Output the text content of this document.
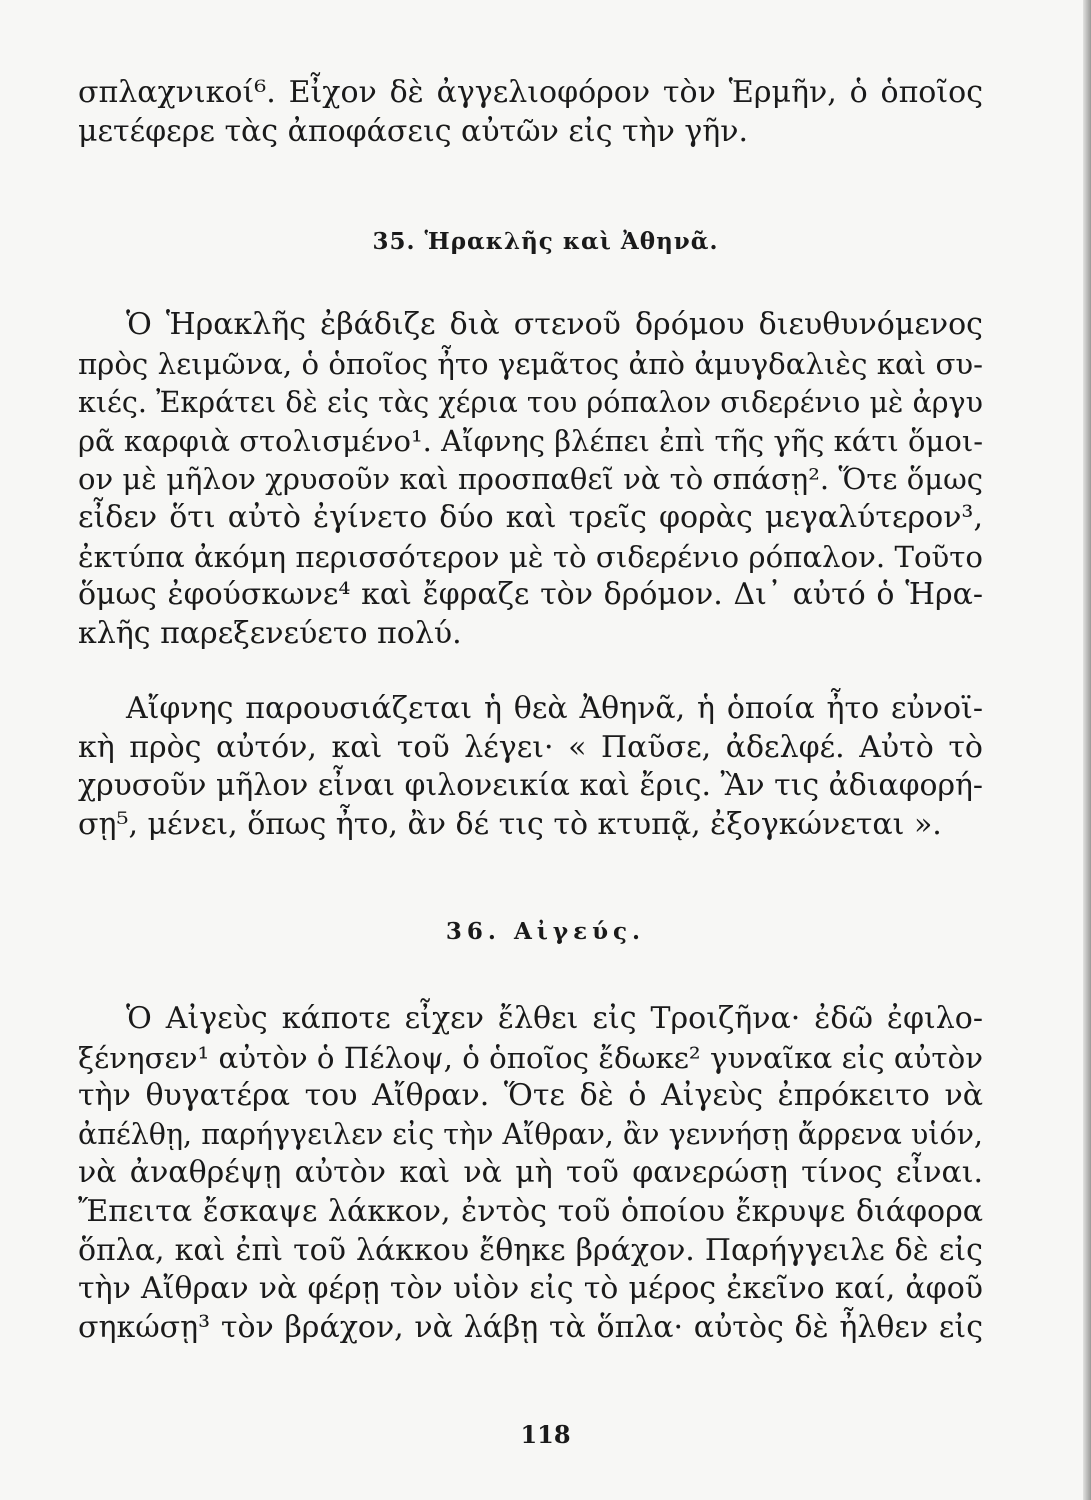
σπλαχνικοί⁶. Εἶχον δὲ ἀγγελιοφόρον τὸν Ἑρμῆν, ὁ ὁποῖος
μετέφερε τὰς ἀποφάσεις αὐτῶν εἰς τὴν γῆν.
35. Ἡρακλῆς καὶ Ἀθηνᾶ.
Ὁ Ἡρακλῆς ἐβάδιζε διὰ στενοῦ δρόμου διευθυνόμενος
πρὸς λειμῶνα, ὁ ὁποῖος ἦτο γεμᾶτος ἀπὸ ἀμυγδαλιὲς καὶ συ-
κιές. Ἐκράτει δὲ εἰς τὰς χέρια του ρόπαλον σιδερένιο μὲ ἀργυ
ρᾶ καρφιὰ στολισμένο¹. Αἴφνης βλέπει ἐπὶ τῆς γῆς κάτι ὅμοι-
ον μὲ μῆλον χρυσοῦν καὶ προσπαθεῖ νὰ τὸ σπάσῃ². Ὅτε ὅμως
εἶδεν ὅτι αὐτὸ ἐγίνετο δύο καὶ τρεῖς φορὰς μεγαλύτερον³,
ἐκτύπα ἀκόμη περισσότερον μὲ τὸ σιδερένιο ρόπαλον. Τοῦτο
ὅμως ἐφούσκωνε⁴ καὶ ἔφραζε τὸν δρόμον. Δι᾽ αὐτό ὁ Ἡρα-
κλῆς παρεξενεύετο πολύ.
Αἴφνης παρουσιάζεται ἡ θεὰ Ἀθηνᾶ, ἡ ὁποία ἦτο εὐνοϊ-
κὴ πρὸς αὐτόν, καὶ τοῦ λέγει· « Παῦσε, ἀδελφέ. Αὐτὸ τὸ
χρυσοῦν μῆλον εἶναι φιλονεικία καὶ ἔρις. Ἂν τις ἀδιαφορή-
σῃ⁵, μένει, ὅπως ἦτο, ἂν δέ τις τὸ κτυπᾷ, ἐξογκώνεται ».
36. Αἰγεύς.
Ὁ Αἰγεὺς κάποτε εἶχεν ἔλθει εἰς Τροιζῆνα· ἐδῶ ἐφιλο-
ξένησεν¹ αὐτὸν ὁ Πέλοψ, ὁ ὁποῖος ἔδωκε² γυναῖκα εἰς αὐτὸν
τὴν θυγατέρα του Αἴθραν. Ὅτε δὲ ὁ Αἰγεὺς ἐπρόκειτο νὰ
ἀπέλθῃ, παρήγγειλεν εἰς τὴν Αἴθραν, ἂν γεννήσῃ ἄρρενα υἱόν,
νὰ ἀναθρέψῃ αὐτὸν καὶ νὰ μὴ τοῦ φανερώσῃ τίνος εἶναι.
Ἔπειτα ἔσκαψε λάκκον, ἐντὸς τοῦ ὁποίου ἔκρυψε διάφορα
ὅπλα, καὶ ἐπὶ τοῦ λάκκου ἔθηκε βράχον. Παρήγγειλε δὲ εἰς
τὴν Αἴθραν νὰ φέρῃ τὸν υἱὸν εἰς τὸ μέρος ἐκεῖνο καί, ἀφοῦ
σηκώσῃ³ τὸν βράχον, νὰ λάβῃ τὰ ὅπλα· αὐτὸς δὲ ἦλθεν εἰς
118
